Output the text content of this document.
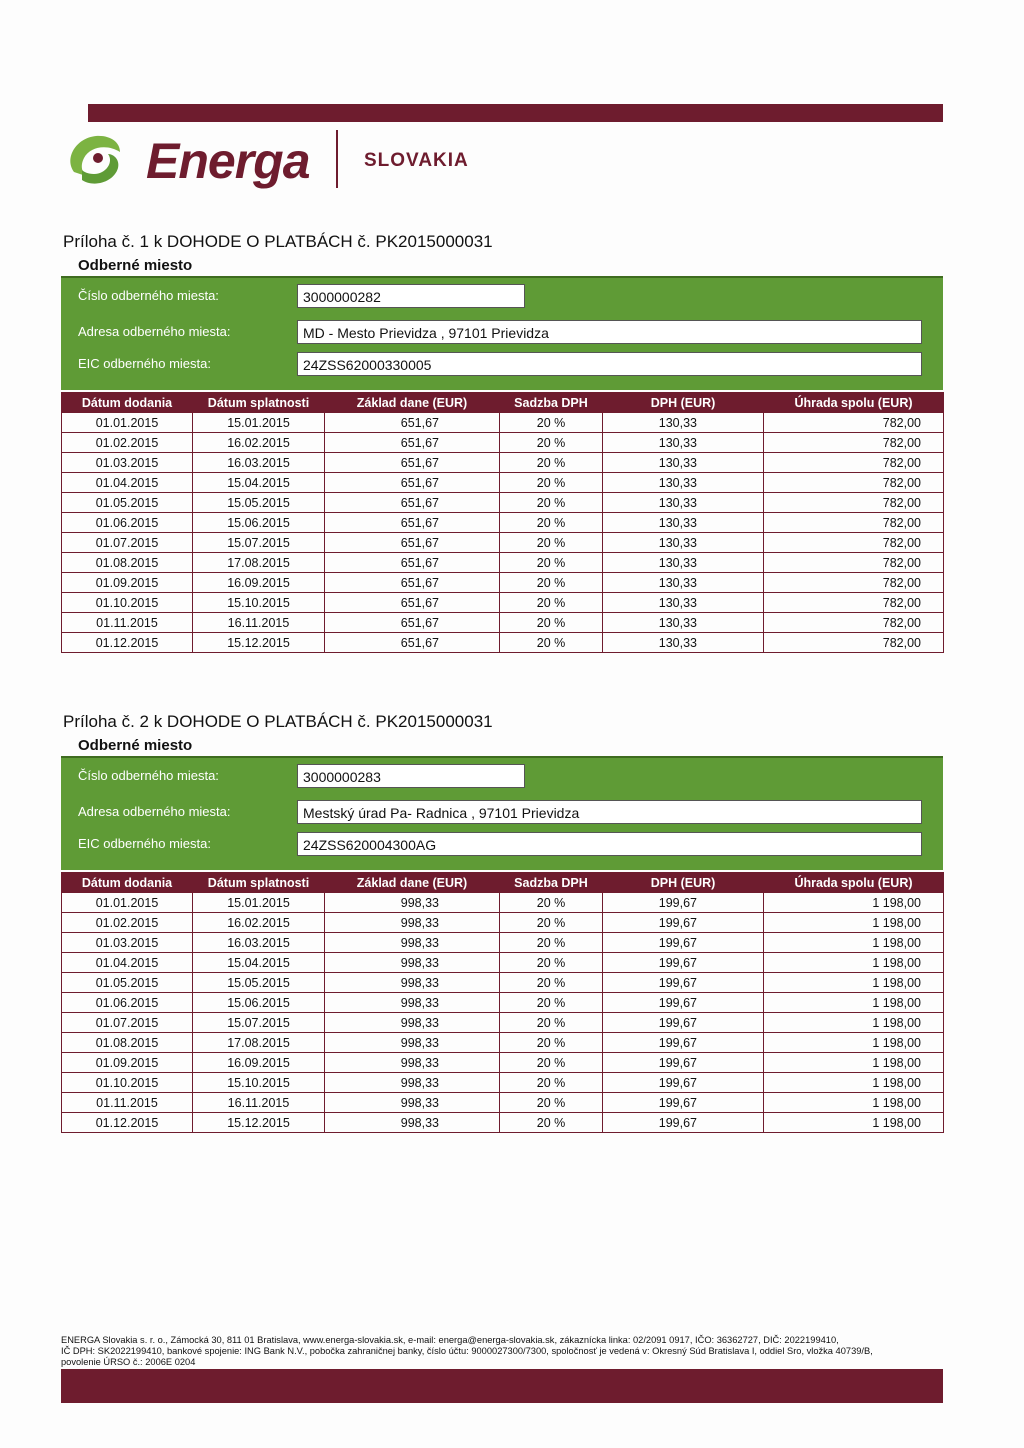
Energa	SLOVAKIA
Príloha č. 1 k DOHODE O PLATBÁCH č. PK2015000031
Odberné miesto
Číslo odberného miesta:	3000000282
Adresa odberného miesta:	MD - Mesto Prievidza , 97101 Prievidza
EIC odberného miesta:	24ZSS62000330005
Dátum dodania	Dátum splatnosti	Základ dane (EUR)	Sadzba DPH	DPH (EUR)	Úhrada spolu (EUR)
01.01.2015	15.01.2015	651,67	20 %	130,33	782,00
01.02.2015	16.02.2015	651,67	20 %	130,33	782,00
01.03.2015	16.03.2015	651,67	20 %	130,33	782,00
01.04.2015	15.04.2015	651,67	20 %	130,33	782,00
01.05.2015	15.05.2015	651,67	20 %	130,33	782,00
01.06.2015	15.06.2015	651,67	20 %	130,33	782,00
01.07.2015	15.07.2015	651,67	20 %	130,33	782,00
01.08.2015	17.08.2015	651,67	20 %	130,33	782,00
01.09.2015	16.09.2015	651,67	20 %	130,33	782,00
01.10.2015	15.10.2015	651,67	20 %	130,33	782,00
01.11.2015	16.11.2015	651,67	20 %	130,33	782,00
01.12.2015	15.12.2015	651,67	20 %	130,33	782,00
Príloha č. 2 k DOHODE O PLATBÁCH č. PK2015000031
Odberné miesto
Číslo odberného miesta:	3000000283
Adresa odberného miesta:	Mestský úrad Pa- Radnica , 97101 Prievidza
EIC odberného miesta:	24ZSS620004300AG
Dátum dodania	Dátum splatnosti	Základ dane (EUR)	Sadzba DPH	DPH (EUR)	Úhrada spolu (EUR)
01.01.2015	15.01.2015	998,33	20 %	199,67	1 198,00
01.02.2015	16.02.2015	998,33	20 %	199,67	1 198,00
01.03.2015	16.03.2015	998,33	20 %	199,67	1 198,00
01.04.2015	15.04.2015	998,33	20 %	199,67	1 198,00
01.05.2015	15.05.2015	998,33	20 %	199,67	1 198,00
01.06.2015	15.06.2015	998,33	20 %	199,67	1 198,00
01.07.2015	15.07.2015	998,33	20 %	199,67	1 198,00
01.08.2015	17.08.2015	998,33	20 %	199,67	1 198,00
01.09.2015	16.09.2015	998,33	20 %	199,67	1 198,00
01.10.2015	15.10.2015	998,33	20 %	199,67	1 198,00
01.11.2015	16.11.2015	998,33	20 %	199,67	1 198,00
01.12.2015	15.12.2015	998,33	20 %	199,67	1 198,00
ENERGA Slovakia s. r. o., Zámocká 30, 811 01 Bratislava, www.energa-slovakia.sk, e-mail: energa@energa-slovakia.sk, zákaznícka linka: 02/2091 0917, IČO: 36362727, DIČ: 2022199410,
IČ DPH: SK2022199410, bankové spojenie: ING Bank N.V., pobočka zahraničnej banky, číslo účtu: 9000027300/7300, spoločnosť je vedená v: Okresný Súd Bratislava I, oddiel Sro, vložka 40739/B,
povolenie ÚRSO č.: 2006E 0204
